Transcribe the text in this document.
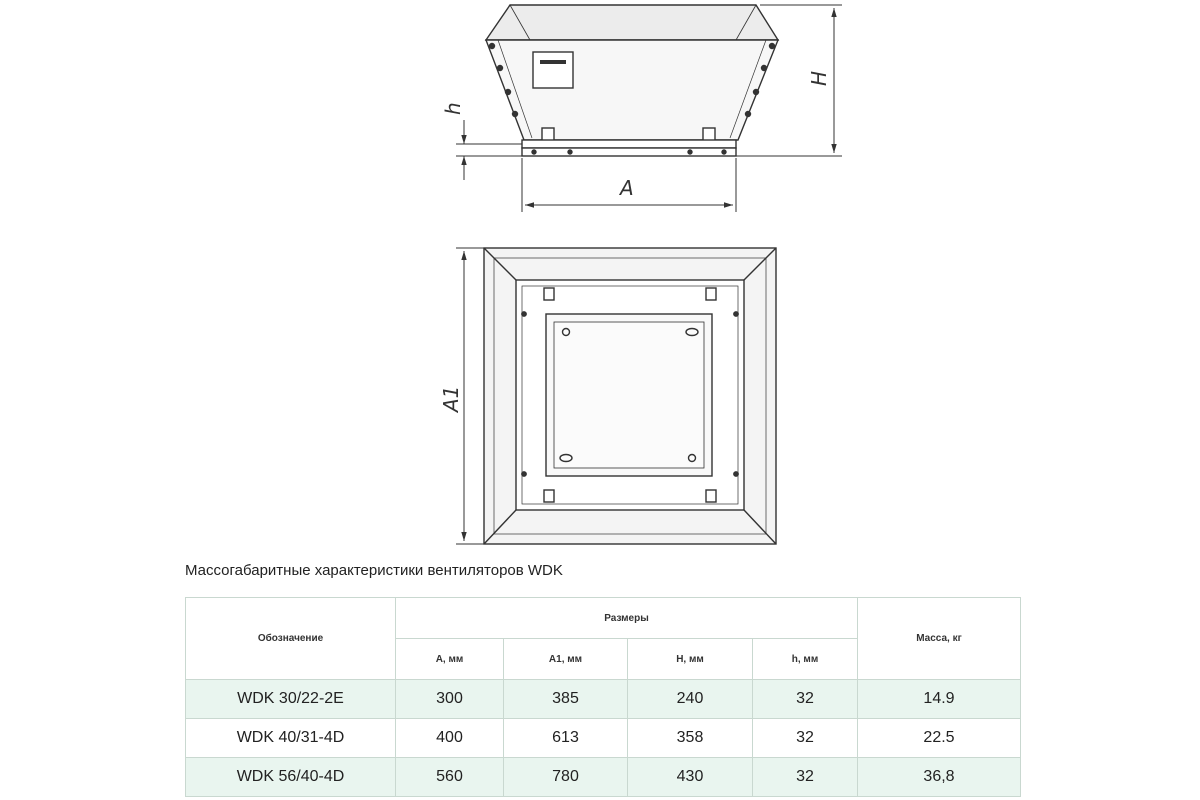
H
h
A
A1
Массогабаритные характеристики вентиляторов WDK
Обозначение	Размеры				Масса, кг
	A, мм	A1, мм	H, мм	h, мм	
WDK 30/22-2E	300	385	240	32	14.9
WDK 40/31-4D	400	613	358	32	22.5
WDK 56/40-4D	560	780	430	32	36,8
